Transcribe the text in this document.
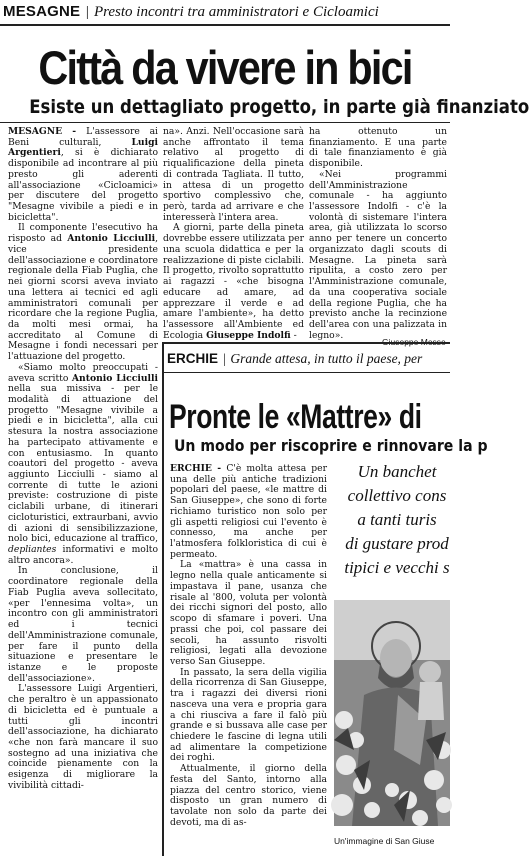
MESAGNE | Presto incontri tra amministratori e Cicloamici
Città da vivere in bici
Esiste un dettagliato progetto, in parte già finanziato

MESAGNE - L'assessore ai Beni culturali, Luigi Argentieri, si è dichiarato disponibile ad incontrare al più presto gli aderenti all'associazione «Cicloamici» per discutere del progetto "Mesagne vivibile a piedi e in bicicletta".

Il componente l'esecutivo ha risposto ad Antonio Licciulli, vice presidente dell'associazione e coordinatore regionale della Fiab Puglia, che nei giorni scorsi aveva inviato una lettera ai tecnici ed agli amministratori comunali per ricordare che la regione Puglia, da molti mesi ormai, ha accreditato al Comune di Mesagne i fondi necessari per l'attuazione del progetto.

«Siamo molto preoccupati - aveva scritto Antonio Licciulli nella sua missiva - per le modalità di attuazione del progetto "Mesagne vivibile a piedi e in bicicletta", alla cui stesura la nostra associazione ha partecipato attivamente e con entusiasmo. In quanto coautori del progetto - aveva aggiunto Licciulli - siamo al corrente di tutte le azioni previste: costruzione di piste ciclabili urbane, di itinerari cicloturistici, extraurbani, avvio di azioni di sensibilizzazione, nolo bici, educazione al traffico, depliantes informativi e molto altro ancora».

In conclusione, il coordinatore regionale della Fiab Puglia aveva sollecitato, «per l'ennesima volta», un incontro con gli amministratori ed i tecnici dell'Amministrazione comunale, per fare il punto della situazione e presentare le istanze e le proposte dell'associazione».

L'assessore Luigi Argentieri, che peraltro è un appassionato di bicicletta ed è puntuale a tutti gli incontri dell'associazione, ha dichiarato «che non farà mancare il suo sostegno ad una iniziativa che coincide pienamente con la esigenza di migliorare la vivibilità cittadi-

na». Anzi. Nell'occasione sarà anche affrontato il tema relativo al progetto di riqualificazione della pineta di contrada Tagliata. Il tutto, in attesa di un progetto sportivo complessivo che, però, tarda ad arrivare e che interesserà l'intera area.

A giorni, parte della pineta dovrebbe essere utilizzata per una scuola didattica e per la realizzazione di piste ciclabili. Il progetto, rivolto soprattutto ai ragazzi - «che bisogna educare ad amare, ad apprezzare il verde e ad amare l'ambiente», ha detto l'assessore all'Ambiente ed Ecologia Giuseppe Indolfi -

ha ottenuto un finanziamento. E una parte di tale finanziamento è già disponibile.

«Nei programmi dell'Amministrazione comunale - ha aggiunto l'assessore Indolfi - c'è la volontà di sistemare l'intera area, già utilizzata lo scorso anno per tenere un concerto organizzato dagli scouts di Mesagne. La pineta sarà ripulita, a costo zero per l'Amministrazione comunale, da una cooperativa sociale della regione Puglia, che ha previsto anche la recinzione dell'area con una palizzata in legno».

ERCHIE | Grande attesa, in tutto il paese, per
Pronte le «Mattre» di
Un modo per riscoprire e rinnovare la p

ERCHIE - C'è molta attesa per una delle più antiche tradizioni popolari del paese, «le mattre di San Giuseppe», che sono di forte richiamo turistico non solo per gli aspetti religiosi cui l'evento è connesso, ma anche per l'atmosfera folkloristica di cui è permeato.

La «mattra» è una cassa in legno nella quale anticamente si impastava il pane, usanza che risale al '800, voluta per volontà dei ricchi signori del posto, allo scopo di sfamare i poveri. Una prassi che poi, col passare dei secoli, ha assunto risvolti religiosi, legati alla devozione verso San Giuseppe.

In passato, la sera della vigilia della ricorrenza di San Giuseppe, tra i ragazzi dei diversi rioni nasceva una vera e propria gara a chi riusciva a fare il falò più grande e si bussava alle case per chiedere le fascine di legna utili ad alimentare la competizione dei roghi.

Attualmente, il giorno della festa del Santo, intorno alla piazza del centro storico, viene disposto un gran numero di tavolate non solo da parte dei devoti, ma di as-

Un banchet
collettivo cons
a tanti turis
di gustare prod
tipici e vecchi s
Un'immagine di San Giuse
